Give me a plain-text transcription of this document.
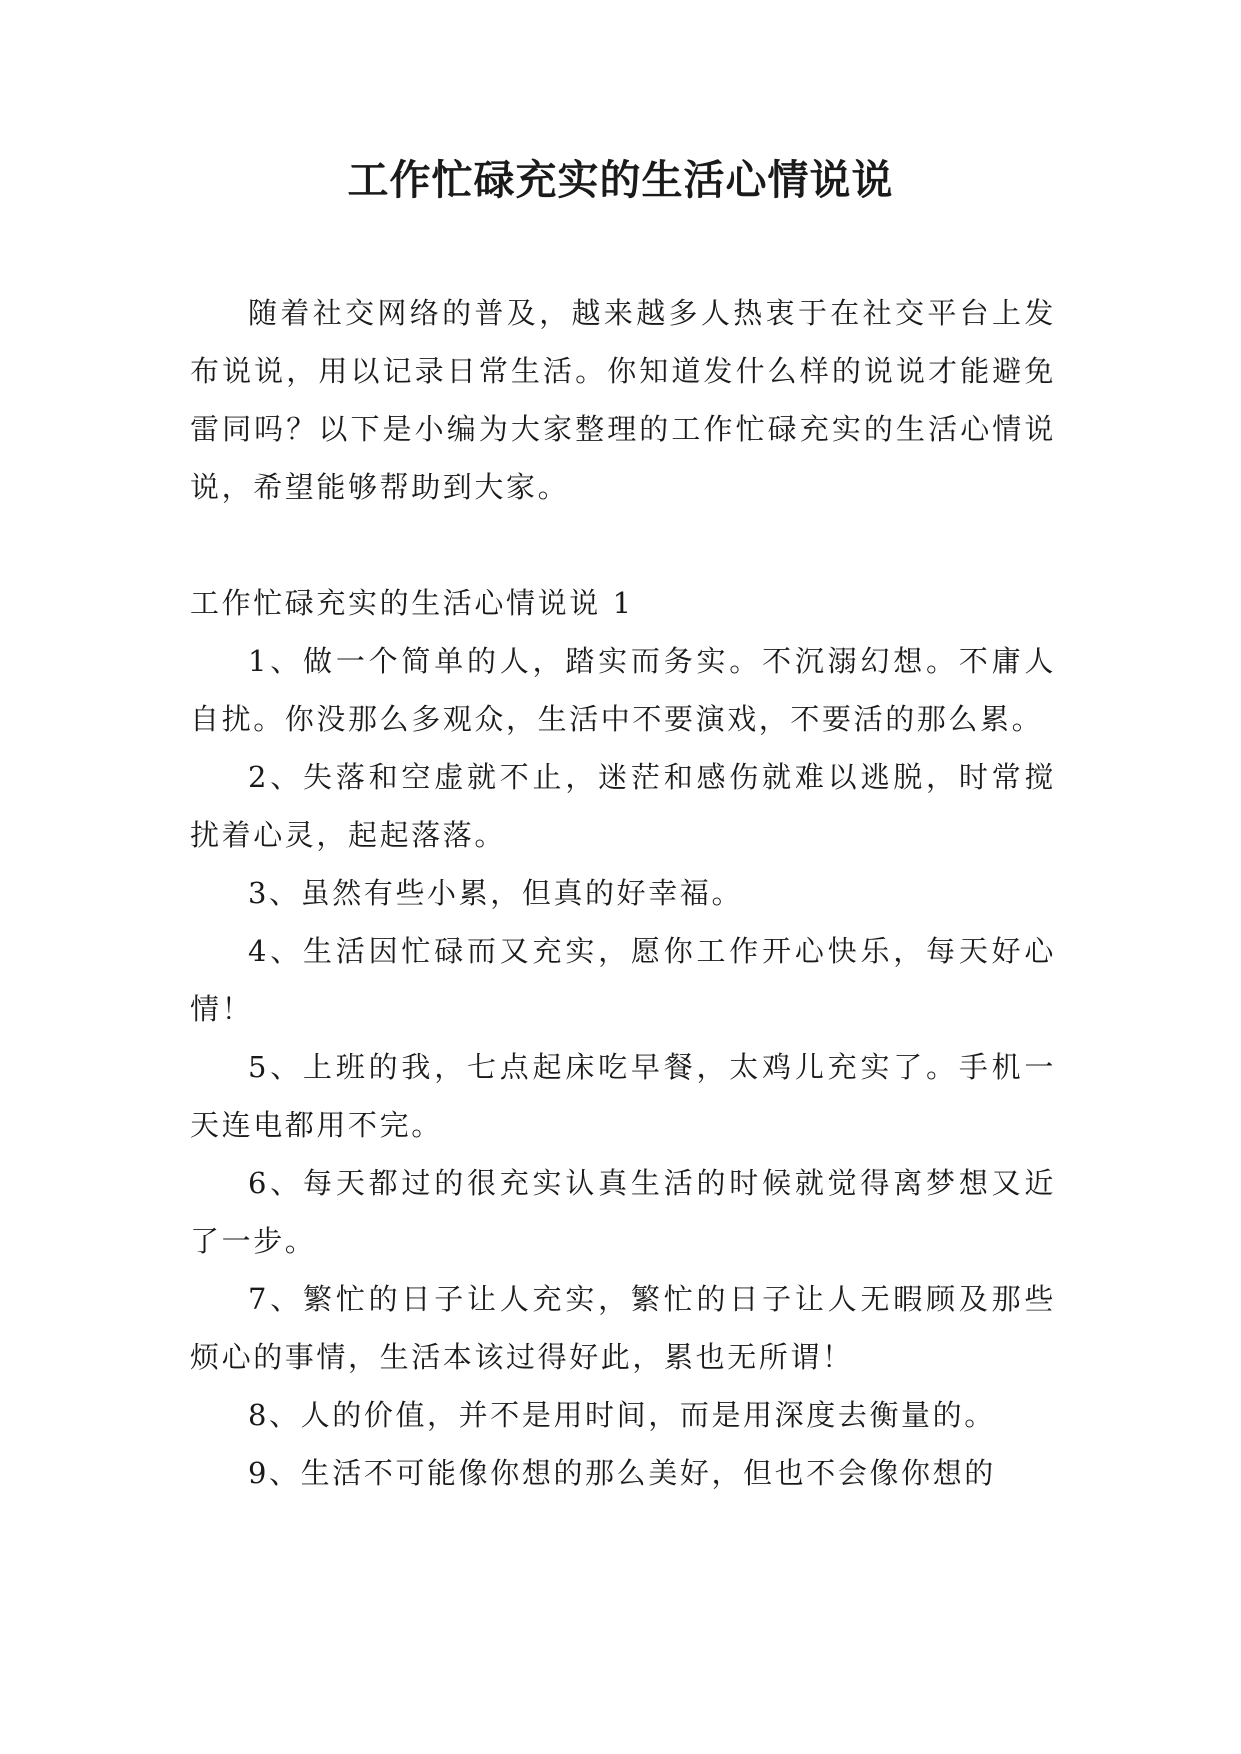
工作忙碌充实的生活心情说说

随着社交网络的普及，越来越多人热衷于在社交平台上发布说说，用以记录日常生活。你知道发什么样的说说才能避免雷同吗？以下是小编为大家整理的工作忙碌充实的生活心情说说，希望能够帮助到大家。

工作忙碌充实的生活心情说说 1

1、做一个简单的人，踏实而务实。不沉溺幻想。不庸人自扰。你没那么多观众，生活中不要演戏，不要活的那么累。

2、失落和空虚就不止，迷茫和感伤就难以逃脱，时常搅扰着心灵，起起落落。

3、虽然有些小累，但真的好幸福。

4、生活因忙碌而又充实，愿你工作开心快乐，每天好心情！

5、上班的我，七点起床吃早餐，太鸡儿充实了。手机一天连电都用不完。

6、每天都过的很充实认真生活的时候就觉得离梦想又近了一步。

7、繁忙的日子让人充实，繁忙的日子让人无暇顾及那些烦心的事情，生活本该过得好此，累也无所谓！

8、人的价值，并不是用时间，而是用深度去衡量的。

9、生活不可能像你想的那么美好，但也不会像你想的
